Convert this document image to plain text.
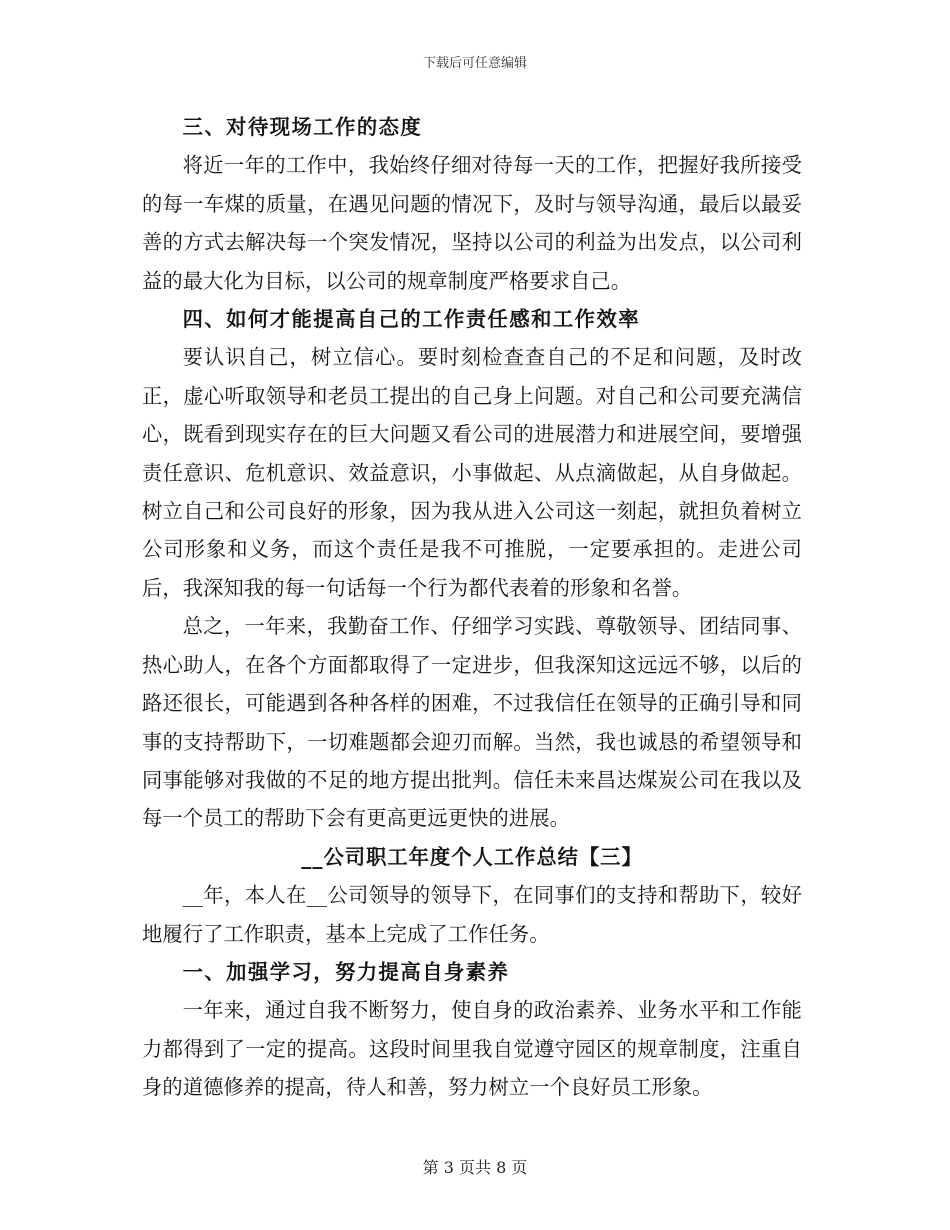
下载后可任意编辑

三、对待现场工作的态度

将近一年的工作中，我始终仔细对待每一天的工作，把握好我所接受的每一车煤的质量，在遇见问题的情况下，及时与领导沟通，最后以最妥善的方式去解决每一个突发情况，坚持以公司的利益为出发点，以公司利益的最大化为目标，以公司的规章制度严格要求自己。

四、如何才能提高自己的工作责任感和工作效率

要认识自己，树立信心。要时刻检查查自己的不足和问题，及时改正，虚心听取领导和老员工提出的自己身上问题。对自己和公司要充满信心，既看到现实存在的巨大问题又看公司的进展潜力和进展空间，要增强责任意识、危机意识、效益意识，小事做起、从点滴做起，从自身做起。树立自己和公司良好的形象，因为我从进入公司这一刻起，就担负着树立公司形象和义务，而这个责任是我不可推脱，一定要承担的。走进公司后，我深知我的每一句话每一个行为都代表着的形象和名誉。

总之，一年来，我勤奋工作、仔细学习实践、尊敬领导、团结同事、热心助人，在各个方面都取得了一定进步，但我深知这远远不够，以后的路还很长，可能遇到各种各样的困难，不过我信任在领导的正确引导和同事的支持帮助下，一切难题都会迎刃而解。当然，我也诚恳的希望领导和同事能够对我做的不足的地方提出批判。信任未来昌达煤炭公司在我以及每一个员工的帮助下会有更高更远更快的进展。

__公司职工年度个人工作总结【三】

__年，本人在__公司领导的领导下，在同事们的支持和帮助下，较好地履行了工作职责，基本上完成了工作任务。

一、加强学习，努力提高自身素养

一年来，通过自我不断努力，使自身的政治素养、业务水平和工作能力都得到了一定的提高。这段时间里我自觉遵守园区的规章制度，注重自身的道德修养的提高，待人和善，努力树立一个良好员工形象。

第 3 页共 8 页
